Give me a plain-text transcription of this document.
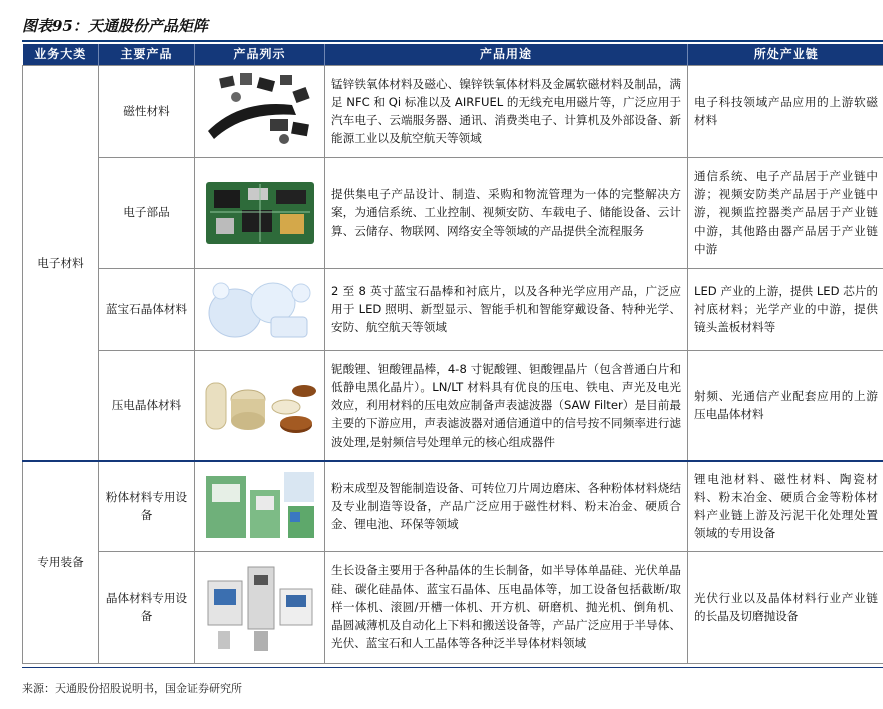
图表95：天通股份产品矩阵
业务大类	主要产品	产品列示	产品用途	所处产业链
电子材料	磁性材料		锰锌铁氧体材料及磁心、镍锌铁氧体材料及金属软磁材料及制品，满足 NFC 和 Qi 标准以及 AIRFUEL 的无线充电用磁片等，广泛应用于汽车电子、云端服务器、通讯、消费类电子、计算机及外部设备、新能源工业以及航空航天等领域	电子科技领域产品应用的上游软磁材料
	电子部品		提供集电子产品设计、制造、采购和物流管理为一体的完整解决方案，为通信系统、工业控制、视频安防、车载电子、储能设备、云计算、云储存、物联网、网络安全等领域的产品提供全流程服务	通信系统、电子产品居于产业链中游；视频安防类产品居于产业链中游，视频监控器类产品居于产业链中游，其他路由器产品居于产业链中游
	蓝宝石晶体材料		2 至 8 英寸蓝宝石晶棒和衬底片，以及各种光学应用产品，广泛应用于 LED 照明、新型显示、智能手机和智能穿戴设备、特种光学、安防、航空航天等领域	LED 产业的上游，提供 LED 芯片的衬底材料；光学产业的中游，提供镜头盖板材料等
	压电晶体材料		铌酸锂、钽酸锂晶棒，4-8 寸铌酸锂、钽酸锂晶片（包含普通白片和低静电黑化晶片）。LN/LT 材料具有优良的压电、铁电、声光及电光效应，利用材料的压电效应制备声表滤波器（SAW Filter）是目前最主要的下游应用，声表滤波器对通信通道中的信号按不同频率进行滤波处理,是射频信号处理单元的核心组成器件	射频、光通信产业配套应用的上游压电晶体材料
专用装备	粉体材料专用设备		粉末成型及智能制造设备、可转位刀片周边磨床、各种粉体材料烧结及专业制造等设备，产品广泛应用于磁性材料、粉末冶金、硬质合金、锂电池、环保等领域	锂电池材料、磁性材料、陶瓷材料、粉末冶金、硬质合金等粉体材料产业链上游及污泥干化处理处置领域的专用设备
	晶体材料专用设备		生长设备主要用于各种晶体的生长制备，如半导体单晶硅、光伏单晶硅、碳化硅晶体、蓝宝石晶体、压电晶体等，加工设备包括截断/取样一体机、滚圆/开槽一体机、开方机、研磨机、抛光机、倒角机、晶圆减薄机及自动化上下料和搬送设备等，产品广泛应用于半导体、光伏、蓝宝石和人工晶体等各种泛半导体材料领域	光伏行业以及晶体材料行业产业链的长晶及切磨抛设备
来源：天通股份招股说明书，国金证券研究所
